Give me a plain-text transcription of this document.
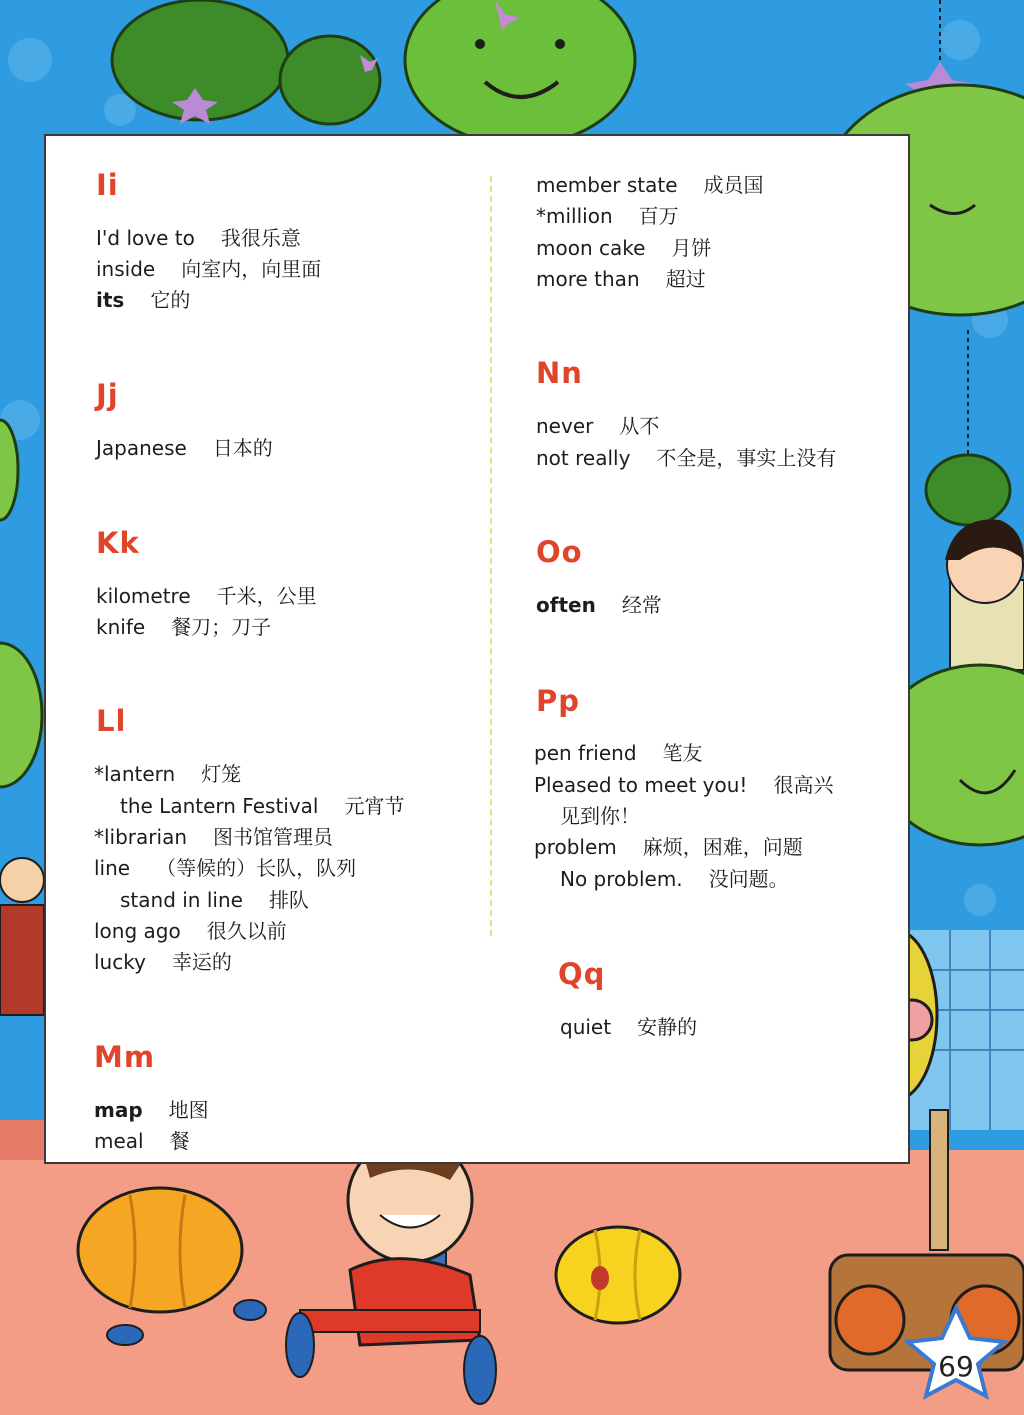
Ii
I'd love to 我很乐意
inside 向室内，向里面
its 它的
Jj
Japanese 日本的
Kk
kilometre 千米，公里
knife 餐刀；刀子
Ll
*lantern 灯笼
the Lantern Festival 元宵节
*librarian 图书馆管理员
line （等候的）长队，队列
stand in line 排队
long ago 很久以前
lucky 幸运的
Mm
map 地图
meal 餐
member state 成员国
*million 百万
moon cake 月饼
more than 超过
Nn
never 从不
not really 不全是，事实上没有
Oo
often 经常
Pp
pen friend 笔友
Pleased to meet you! 很高兴
见到你！
problem 麻烦，困难，问题
No problem. 没问题。
Qq
quiet 安静的
69
